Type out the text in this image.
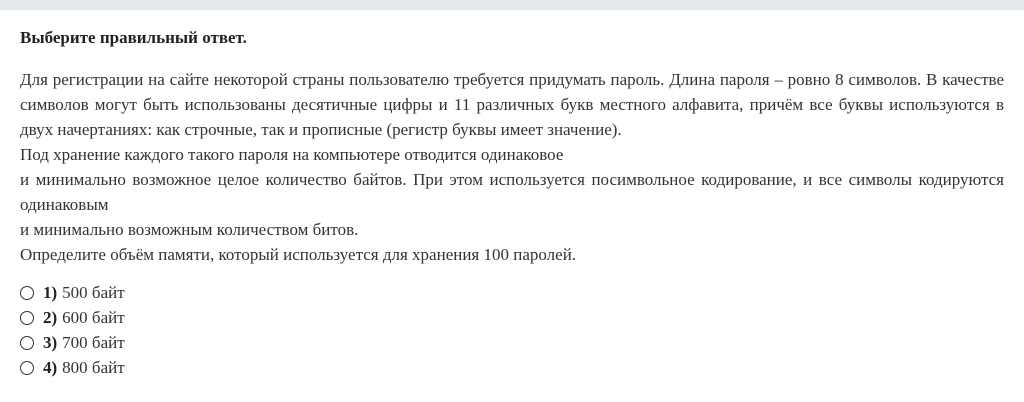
Выберите правильный ответ.

Для регистрации на сайте некоторой страны пользователю требуется придумать пароль. Длина пароля – ровно 8 символов. В качестве символов могут быть использованы десятичные цифры и 11 различных букв местного алфавита, причём все буквы используются в двух начертаниях: как строчные, так и прописные (регистр буквы имеет значение).
Под хранение каждого такого пароля на компьютере отводится одинаковое
и минимально возможное целое количество байтов. При этом используется посимвольное кодирование, и все символы кодируются одинаковым
и минимально возможным количеством битов.
Определите объём памяти, который используется для хранения 100 паролей.
1) 500 байт
2) 600 байт
3) 700 байт
4) 800 байт
